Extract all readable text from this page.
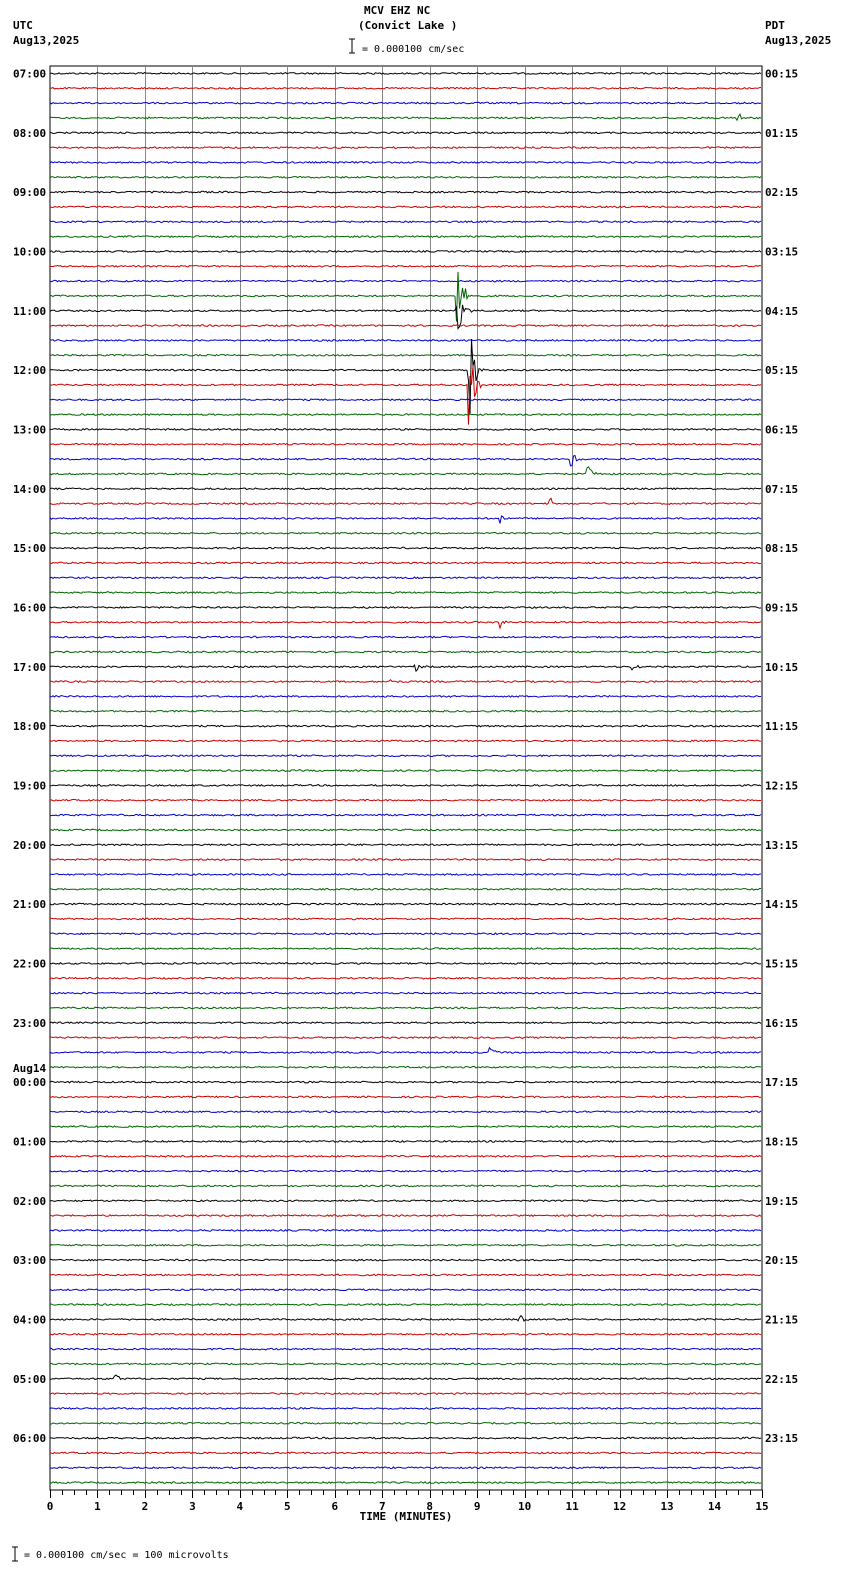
MCV EHZ NC
(Convict Lake )
= 0.000100 cm/sec
UTC
Aug13,2025
PDT
Aug13,2025
= 0.000100 cm/sec = 100 microvolts
07:00
08:00
09:00
10:00
11:00
12:00
13:00
14:00
15:00
16:00
17:00
18:00
19:00
20:00
21:00
22:00
23:00
00:00
01:00
02:00
03:00
04:00
05:00
06:00
Aug14
00:15
01:15
02:15
03:15
04:15
05:15
06:15
07:15
08:15
09:15
10:15
11:15
12:15
13:15
14:15
15:15
16:15
17:15
18:15
19:15
20:15
21:15
22:15
23:15
0	1	2	3	4	5	6	7	8	9	10	11	12	13	14	15
TIME (MINUTES)
